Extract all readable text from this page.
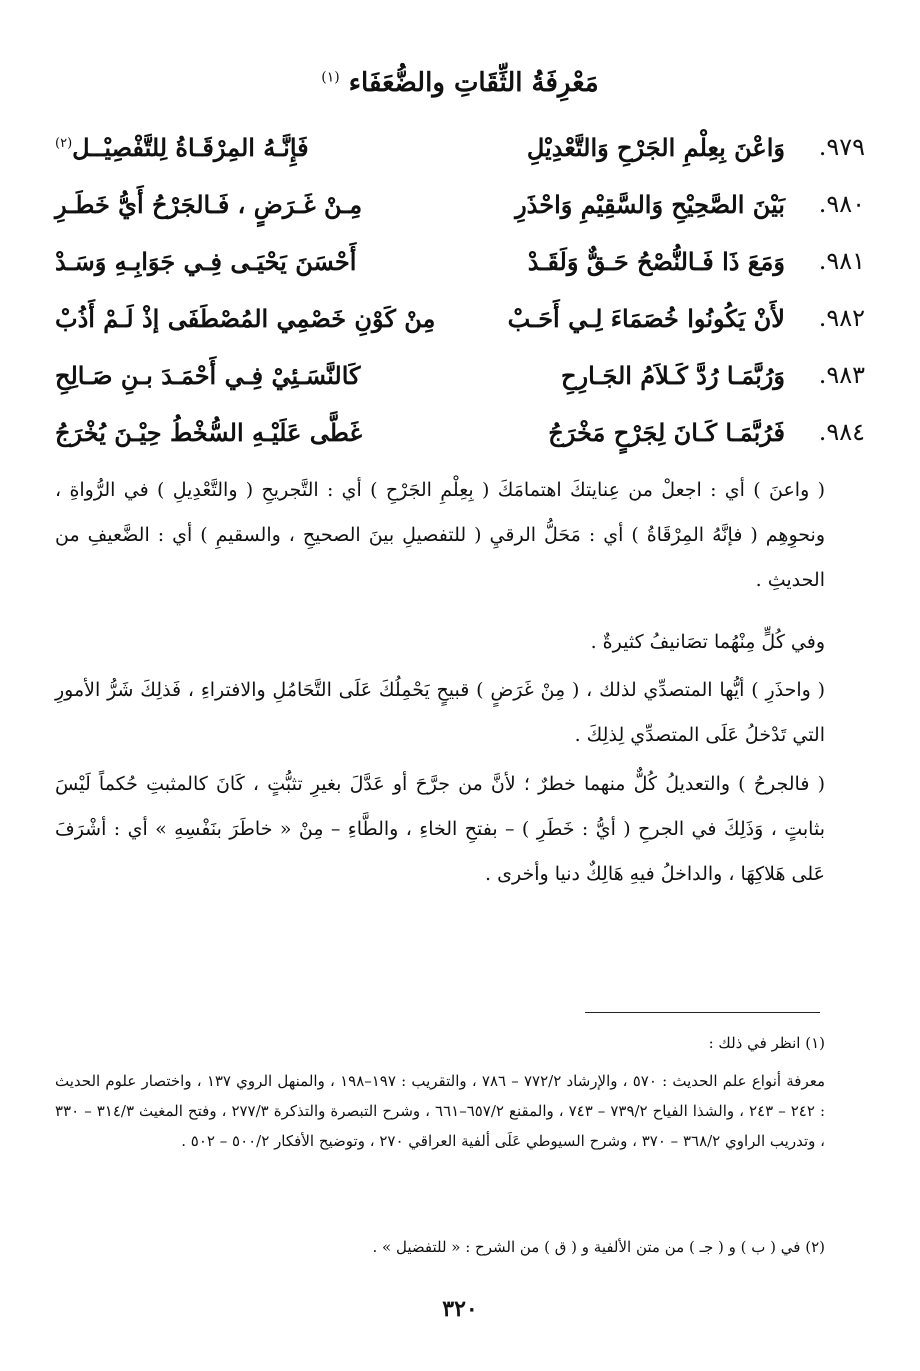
مَعْرِفَةُ الثِّقَاتِ والضُّعَفَاء $^{(١)}$
٩٧٩.
وَاعْنَ بِعِلْمِ الجَرْحِ وَالتَّعْدِيْلِ
فَإِنَّـهُ المِرْقَـاةُ لِلتَّفْصِيْــل$^{(٢)}$
٩٨٠.
بَيْنَ الصَّحِيْحِ وَالسَّقِيْمِ وَاحْذَرِ
مِـنْ غَـرَضٍ ، فَـالجَرْحُ أَيُّ خَطَـرِ
٩٨١.
وَمَعَ ذَا فَـالنُّصْحُ حَـقٌّ وَلَقَـدْ
أَحْسَنَ يَحْيَـى فِـي جَوَابِـهِ وَسَـدْ
٩٨٢.
لأَنْ يَكُونُوا خُصَمَاءَ لِـي أَحَـبْ
مِنْ كَوْنِ خَصْمِي المُصْطَفَى إذْ لَـمْ أَذُبْ
٩٨٣.
وَرُبَّمَـا رُدَّ كَـلاَمُ الجَـارِحِ
كَالنَّسَـئِيْ فِـي أَحْمَـدَ بـنِ صَـالِحِ
٩٨٤.
فَرُبَّمَـا كَـانَ لِجَرْحٍ مَخْرَجُ
غَطَّى عَلَيْـهِ السُّخْطُ حِيْـنَ يُخْرَجُ
( واعنَ ) أي : اجعلْ من عِنايتكَ اهتمامَكَ ( بِعِلْمِ الجَرْحِ ) أي : التَّجريحِ ( والتَّعْدِيلِ ) في الرُّواةِ ، ونحوِهِم ( فإنَّهُ المِرْقَاةُ ) أي : مَحَلُّ الرقيِ ( للتفصيلِ بينَ الصحيحِ ، والسقيمِ ) أي : الضَّعيفِ من الحديثِ .
وفي كُلٍّ مِنْهُما تصَانيفُ كثيرةٌ .
( واحذَرِ ) أيُّها المتصدِّي لذلك ، ( مِنْ غَرَضٍ ) قبيحٍ يَحْمِلُكَ عَلَى التَّحَامُلِ والافتراءِ ، فَذلِكَ شَرُّ الأمورِ التي تَدْخلُ عَلَى المتصدِّي لِذلِكَ .
( فالجرحُ ) والتعديلُ كُلٌّ منهما خطرٌ ؛ لأنَّ من جرَّحَ أو عَدَّلَ بغيرِ تثبُّتٍ ، كَانَ كالمثبتِ حُكماً لَيْسَ بثابتٍ ، وَذَلِكَ في الجرحِ ( أيُّ : خَطَرِ ) – بفتحِ الخاءِ ، والطَّاءِ – مِنْ « خاطَرَ بنَفْسِهِ » أي : أشْرَفَ عَلى هَلاكِهَا ، والداخلُ فيهِ هَالِكٌ دنيا وأخرى .
(١) انظر في ذلك :
معرفة أنواع علم الحديث : ٥٧٠ ، والإرشاد ٧٧٢/٢ – ٧٨٦ ، والتقريب : ١٩٧–١٩٨ ، والمنهل الروي ١٣٧ ، واختصار علوم الحديث : ٢٤٢ – ٢٤٣ ، والشذا الفياح ٧٣٩/٢ – ٧٤٣ ، والمقنع ٦٥٧/٢–٦٦١ ، وشرح التبصرة والتذكرة ٢٧٧/٣ ، وفتح المغيث ٣١٤/٣ – ٣٣٠ ، وتدريب الراوي ٣٦٨/٢ – ٣٧٠ ، وشرح السيوطي عَلَى ألفية العراقي ٢٧٠ ، وتوضيح الأفكار ٥٠٠/٢ – ٥٠٢ .
(٢) في ( ب ) و ( جـ ) من متن الألفية و ( ق ) من الشرح : « للتفضيل » .
٣٢٠
